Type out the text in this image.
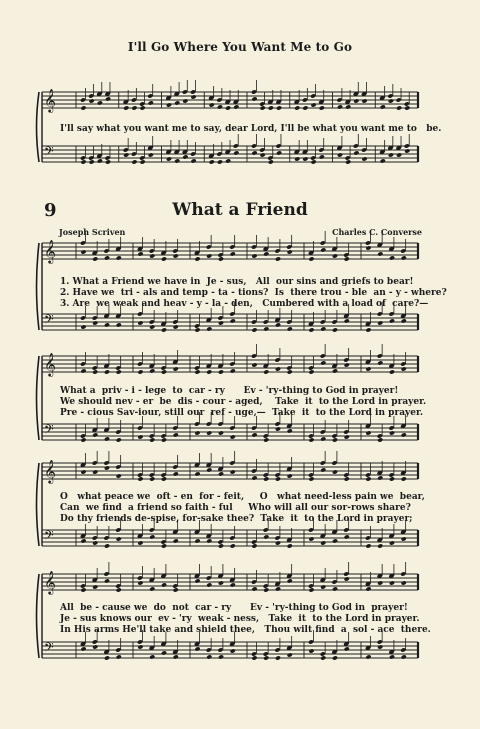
𝄞
𝄢
𝄞
𝄢
𝄞
𝄢
𝄞
𝄢
𝄞
𝄢
I'll Go Where You Want Me to Go
I'll say what you want me to say, dear Lord, I'll be what you want me to   be.
9	What a Friend
Joseph Scriven	Charles C. Converse
1. What a Friend we have in  Je - sus,   All  our sins and griefs to bear!
2. Have we  tri - als and temp - ta - tions?  Is  there trou - ble  an - y - where?
3. Are  we weak and heav - y - la - den,   Cumbered with a load of  care?—
What a  priv - i - lege  to  car - ry      Ev - 'ry-thing to God in prayer!
We should nev - er  be  dis - cour - aged,    Take  it  to the Lord in prayer.
Pre - cious Sav-iour, still our  ref - uge,—  Take  it  to the Lord in prayer.
O   what peace we  oft - en  for - feit,     O   what need-less pain we  bear,
Can  we find  a friend so faith - ful     Who will all our sor-rows share?
Do thy friends de-spise, for-sake thee?  Take  it  to the Lord in prayer;
All  be - cause we  do  not  car - ry      Ev - 'ry-thing to God in  prayer!
Je - sus knows our  ev - 'ry  weak - ness,   Take  it  to the Lord in prayer.
In His arms He'll take and shield thee,   Thou wilt find  a  sol - ace  there.
